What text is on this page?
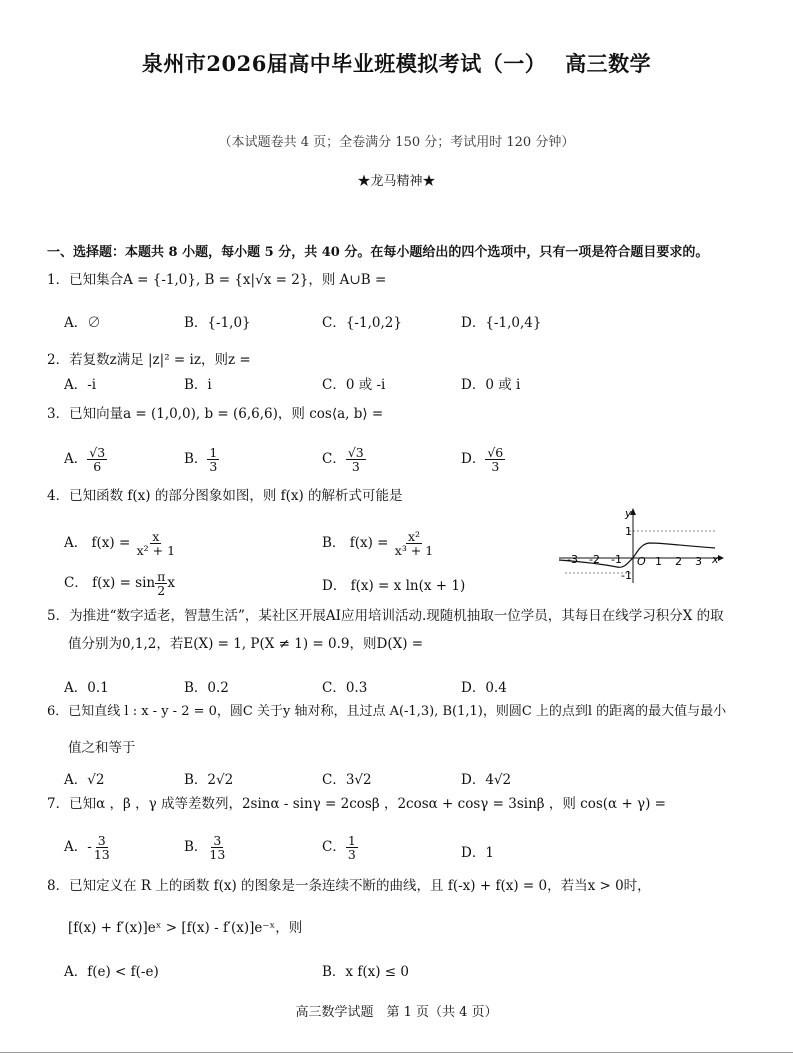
泉州市2026届高中毕业班模拟考试（一）　 高三数学
（本试题卷共 4 页；全卷满分 150 分；考试用时 120 分钟）
★龙马精神★
一、选择题：本题共 8 小题，每小题 5 分，共 40 分。在每小题给出的四个选项中，只有一项是符合题目要求的。
1．已知集合A = {-1,0}, B = {x|√x = 2}，则 A∪B =
A．∅	B．{-1,0}	C．{-1,0,2}	D．{-1,0,4}
2．若复数z满足 |z|² = iz，则z =
A．-i	B．i	C．0 或 -i	D．0 或 i
3．已知向量a = (1,0,0), b = (6,6,6)，则 cos⟨a, b⟩ =
A． $\frac{√3}{6}$	B． $\frac{1}{3}$	C． $\frac{√3}{3}$	D． $\frac{√6}{3}$
4．已知函数 f(x) 的部分图象如图，则 f(x) 的解析式可能是
A． $f(x) = \frac{x}{\text{x² + 1}}$	B． $f(x) = \frac{\text{x²}}{\text{x³ + 1}}$
C． $f(x) = \sin \frac{\pi}{2}$ x	D． f(x) = x ln(x + 1)
-3 -2 -1 O 1 2 3
1
-1
x
y
5．为推进“数字适老，智慧生活”，某社区开展AI应用培训活动.现随机抽取一位学员，其每日在线学习积分X 的取
值分别为0,1,2，若E(X) = 1, P(X ≠ 1) = 0.9，则D(X) =
A．0.1	B．0.2	C．0.3	D．0.4
6．已知直线 l : x - y - 2 = 0，圆C 关于y 轴对称，且过点 A(-1,3), B(1,1)，则圆C 上的点到l 的距离的最大值与最小
值之和等于
A．√2	B．2√2	C．3√2	D．4√2
7．已知α ，β ，γ 成等差数列，2sinα - sinγ = 2cosβ ，2cosα + cosγ = 3sinβ ，则 cos(α + γ) =
A．- $\frac{3}{13}$	B． $\frac{3}{13}$	C． $\frac{1}{3}$	D．1
8．已知定义在 R 上的函数 f(x) 的图象是一条连续不断的曲线，且 f(-x) + f(x) = 0，若当x > 0时，
[f(x) + f′(x)]eˣ > [f(x) - f′(x)]e⁻ˣ，则
A．f(e) < f(-e)	B．x f(x) ≤ 0
高三数学试题　第 1 页（共 4 页）
